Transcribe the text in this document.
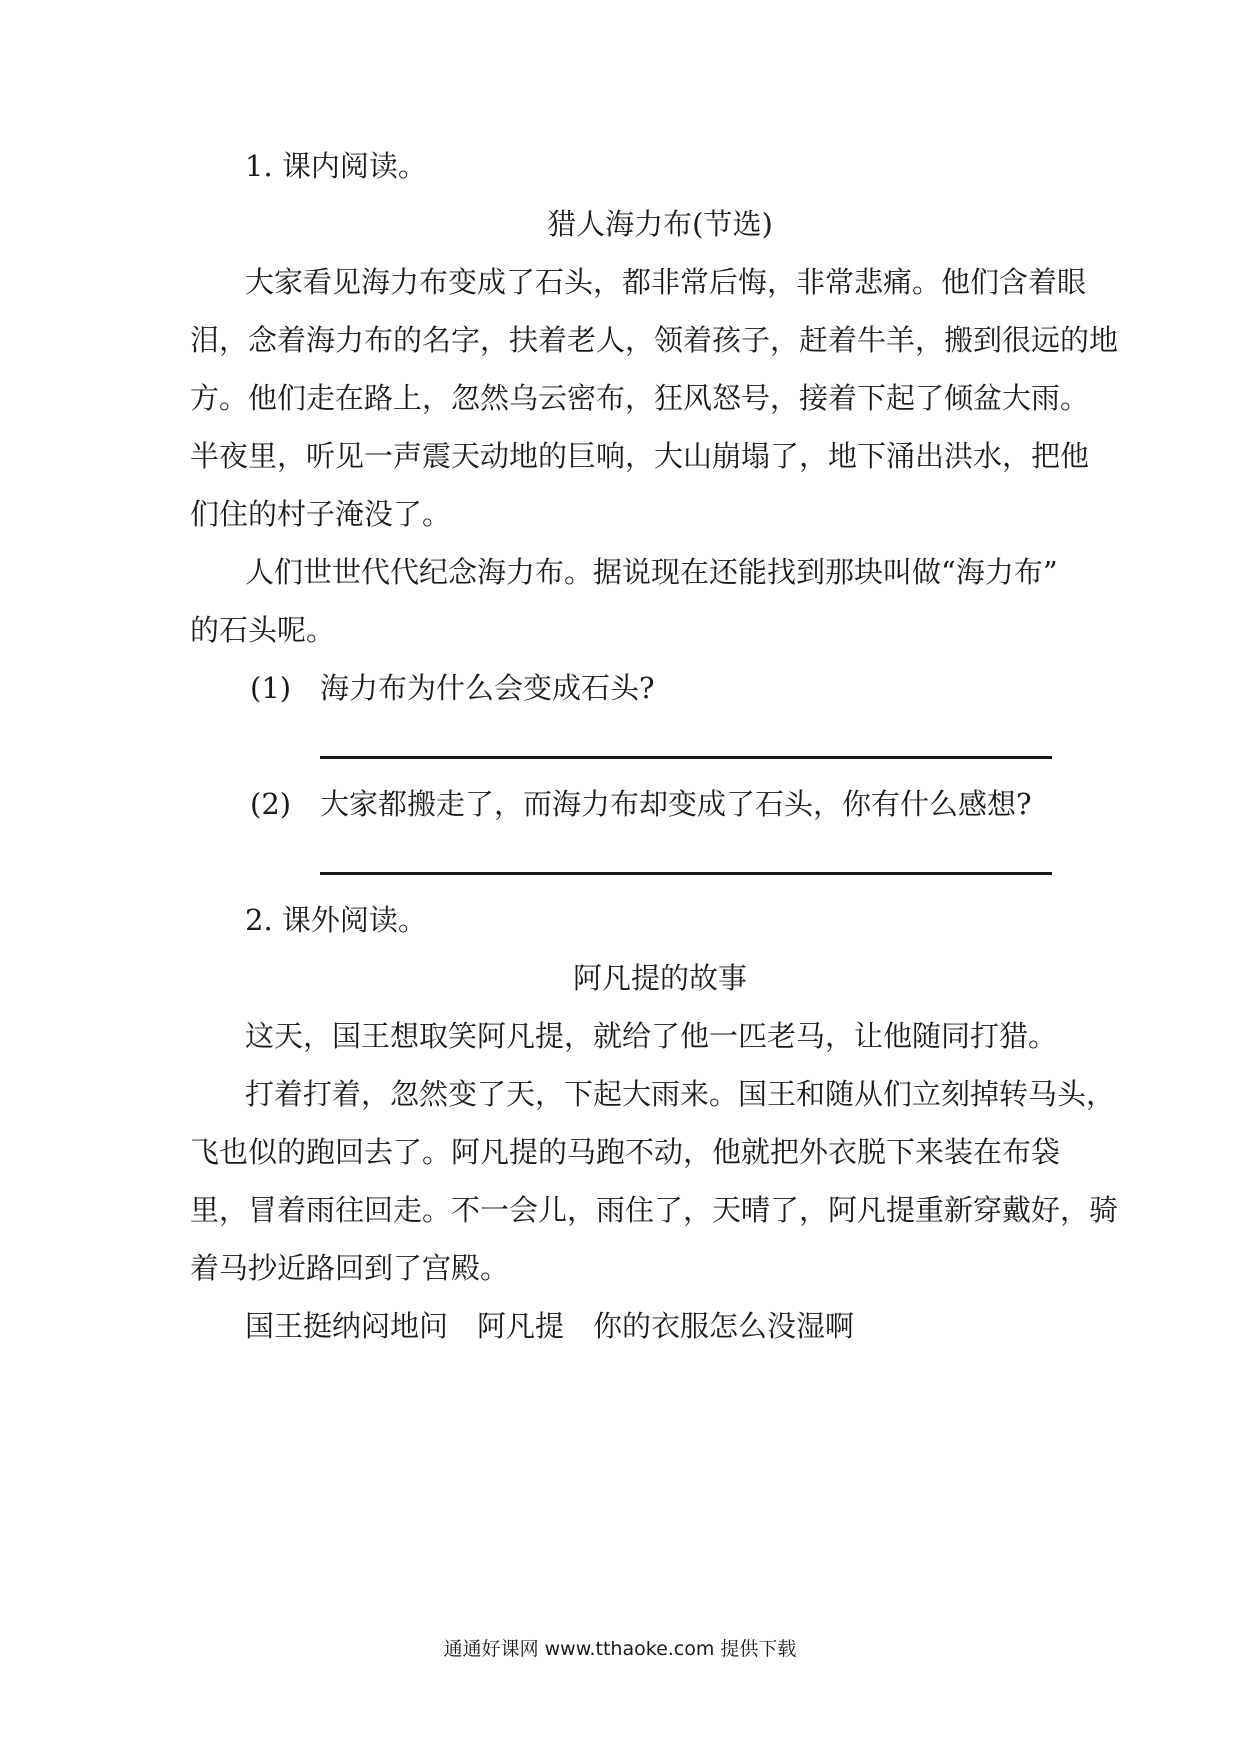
1. 课内阅读。
猎人海力布(节选)
大家看见海力布变成了石头，都非常后悔，非常悲痛。他们含着眼
泪，念着海力布的名字，扶着老人，领着孩子，赶着牛羊，搬到很远的地
方。他们走在路上，忽然乌云密布，狂风怒号，接着下起了倾盆大雨。
半夜里，听见一声震天动地的巨响，大山崩塌了，地下涌出洪水，把他
们住的村子淹没了。
人们世世代代纪念海力布。据说现在还能找到那块叫做“海力布”
的石头呢。
(1) 海力布为什么会变成石头?
(2) 大家都搬走了，而海力布却变成了石头，你有什么感想?
2. 课外阅读。
阿凡提的故事
这天，国王想取笑阿凡提，就给了他一匹老马，让他随同打猎。
打着打着，忽然变了天，下起大雨来。国王和随从们立刻掉转马头，
飞也似的跑回去了。阿凡提的马跑不动，他就把外衣脱下来装在布袋
里，冒着雨往回走。不一会儿，雨住了，天晴了，阿凡提重新穿戴好，骑
着马抄近路回到了宫殿。
国王挺纳闷地问　阿凡提　你的衣服怎么没湿啊
通通好课网 www.tthaoke.com 提供下载
